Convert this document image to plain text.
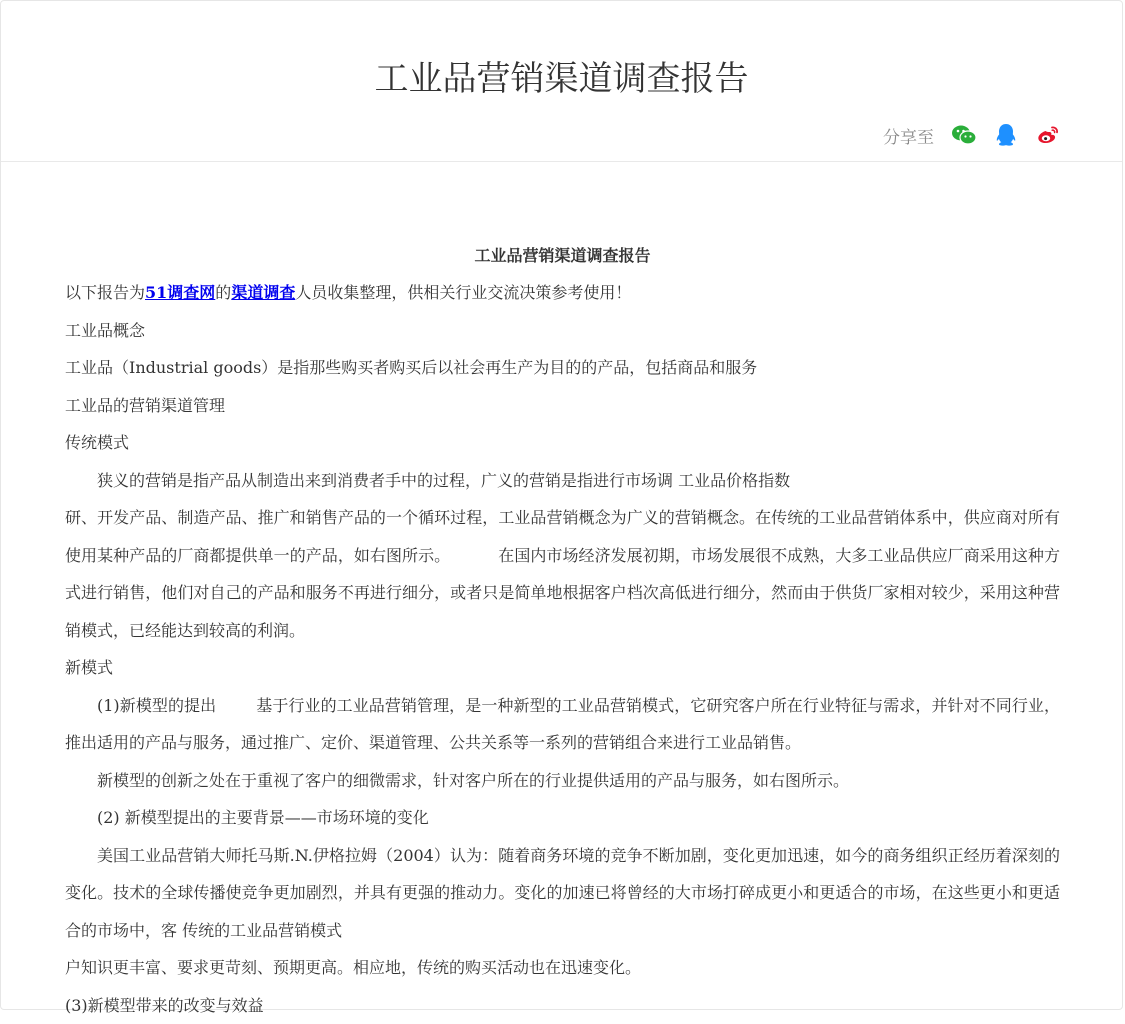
工业品营销渠道调查报告
分享至
工业品营销渠道调查报告

以下报告为51调查网的渠道调查人员收集整理，供相关行业交流决策参考使用！

工业品概念

工业品（Industrial goods）是指那些购买者购买后以社会再生产为目的的产品，包括商品和服务

工业品的营销渠道管理

传统模式

狭义的营销是指产品从制造出来到消费者手中的过程，广义的营销是指进行市场调 工业品价格指数

研、开发产品、制造产品、推广和销售产品的一个循环过程，工业品营销概念为广义的营销概念。在传统的工业品营销体系中，供应商对所有使用某种产品的厂商都提供单一的产品，如右图所示。	在国内市场经济发展初期，市场发展很不成熟，大多工业品供应厂商采用这种方式进行销售，他们对自己的产品和服务不再进行细分，或者只是简单地根据客户档次高低进行细分，然而由于供货厂家相对较少，采用这种营销模式，已经能达到较高的利润。

新模式

(1)新模型的提出	基于行业的工业品营销管理，是一种新型的工业品营销模式，它研究客户所在行业特征与需求，并针对不同行业，推出适用的产品与服务，通过推广、定价、渠道管理、公共关系等一系列的营销组合来进行工业品销售。

新模型的创新之处在于重视了客户的细微需求，针对客户所在的行业提供适用的产品与服务，如右图所示。

(2) 新模型提出的主要背景——市场环境的变化

美国工业品营销大师托马斯.N.伊格拉姆（2004）认为：随着商务环境的竞争不断加剧，变化更加迅速，如今的商务组织正经历着深刻的变化。技术的全球传播使竞争更加剧烈，并具有更强的推动力。变化的加速已将曾经的大市场打碎成更小和更适合的市场，在这些更小和更适合的市场中，客 传统的工业品营销模式

户知识更丰富、要求更苛刻、预期更高。相应地，传统的购买活动也在迅速变化。

(3)新模型带来的改变与效益
